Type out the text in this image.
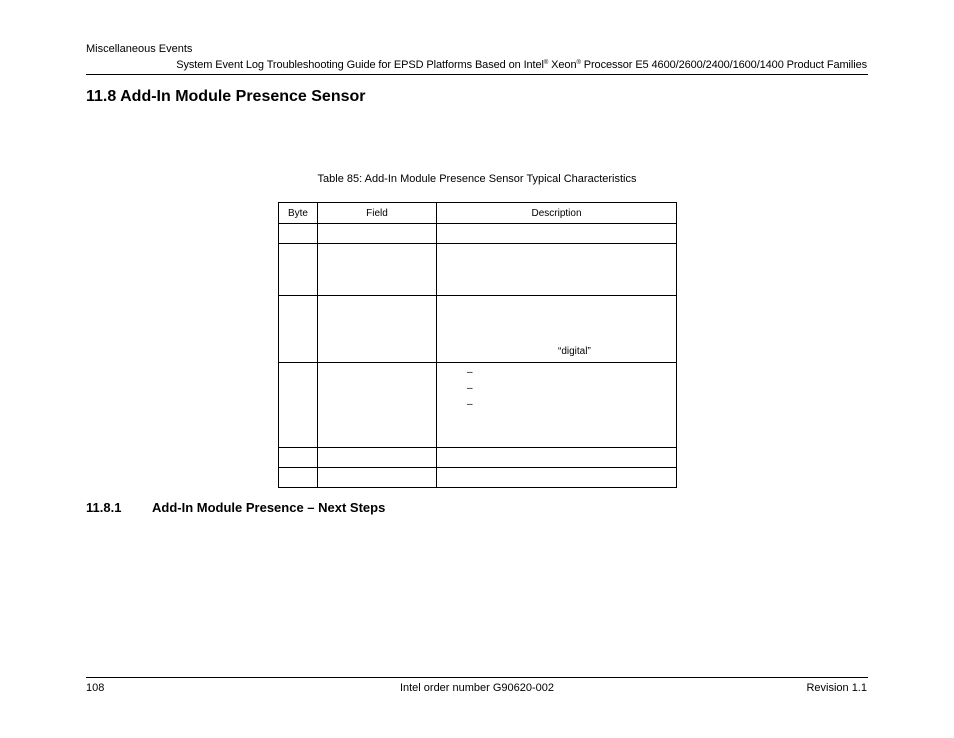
Miscellaneous Events
System Event Log Troubleshooting Guide for EPSD Platforms Based on Intel® Xeon® Processor E5 4600/2600/2400/1600/1400 Product Families
11.8 Add-In Module Presence Sensor
Table 85: Add-In Module Presence Sensor Typical Characteristics
Byte	Field	Description

		“digital”

		–
–
–

11.8.1 Add-In Module Presence – Next Steps
108	Intel order number G90620-002	Revision 1.1
